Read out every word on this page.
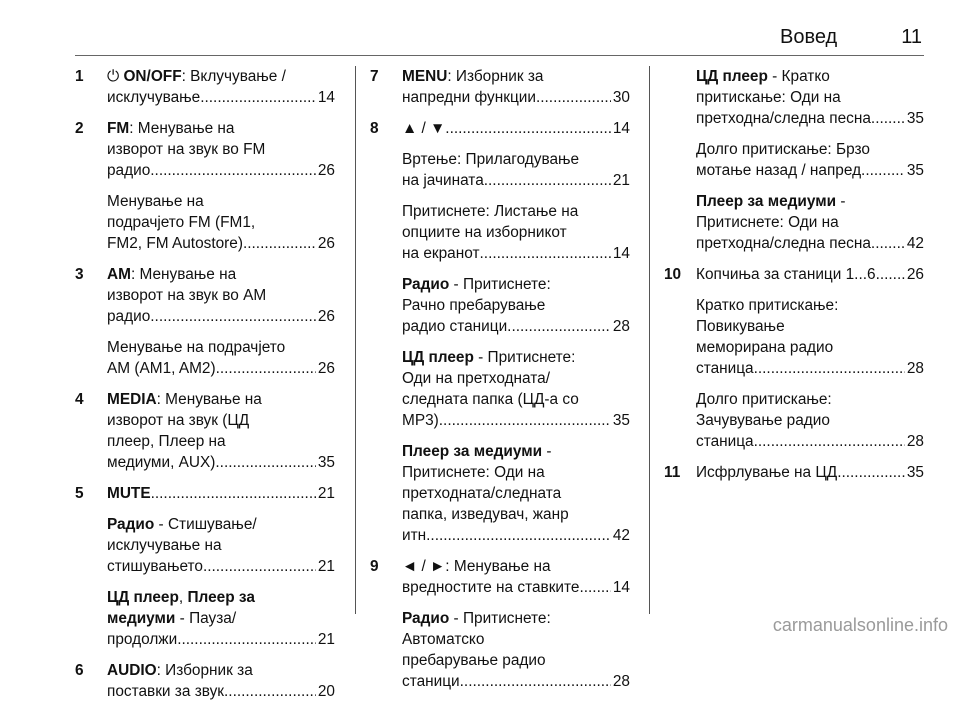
Вовед	11
1	⏻ ON/OFF: Вклучување /
исклучување .....	14
2	FM: Менување на
изворот на звук во FM
радио .....	26
Менување на
подрачјето FM (FM1,
FM2, FM Autostore) .....	26
3	AM: Менување на
изворот на звук во AM
радио .....	26
Менување на подрачјето
AM (AM1, AM2) .....	26
4	MEDIA: Менување на
изворот на звук (ЦД
плеер, Плеер на
медиуми, AUX) .....	35
5	MUTE .....	21
Радио - Стишување/
исклучување на
стишувањето .....	21
ЦД плеер, Плеер за
медиуми - Пауза/
продолжи .....	21
6	AUDIO: Изборник за
поставки за звук .....	20
7	MENU: Изборник за
напредни функции .....	30
8	▲ / ▼ .....	14
Вртење: Прилагодување
на јачината .....	21
Притиснете: Листање на
опциите на изборникот
на екранот .....	14
Радио - Притиснете:
Рачно пребарување
радио станици .....	28
ЦД плеер - Притиснете:
Оди на претходната/
следната папка (ЦД-а со
MP3) .....	35
Плеер за медиуми -
Притиснете: Оди на
претходната/следната
папка, изведувач, жанр
итн. .....	42
9	◄ / ►: Менување на
вредностите на ставките ..... 14
Радио - Притиснете:
Автоматско
пребарување радио
станици .....	28
ЦД плеер - Кратко
притискање: Оди на
претходна/следна песна ..... 35
Долго притискање: Брзо
мотање назад / напред .....	35
Плеер за медиуми -
Притиснете: Оди на
претходна/следна песна ..... 42
10 Копчиња за станици 1...6 ..... 26
Кратко притискање:
Повикување
меморирана радио
станица .....	28
Долго притискање:
Зачувување радио
станица .....	28
11	Исфрлување на ЦД .....	35
carmanualsonline.info
